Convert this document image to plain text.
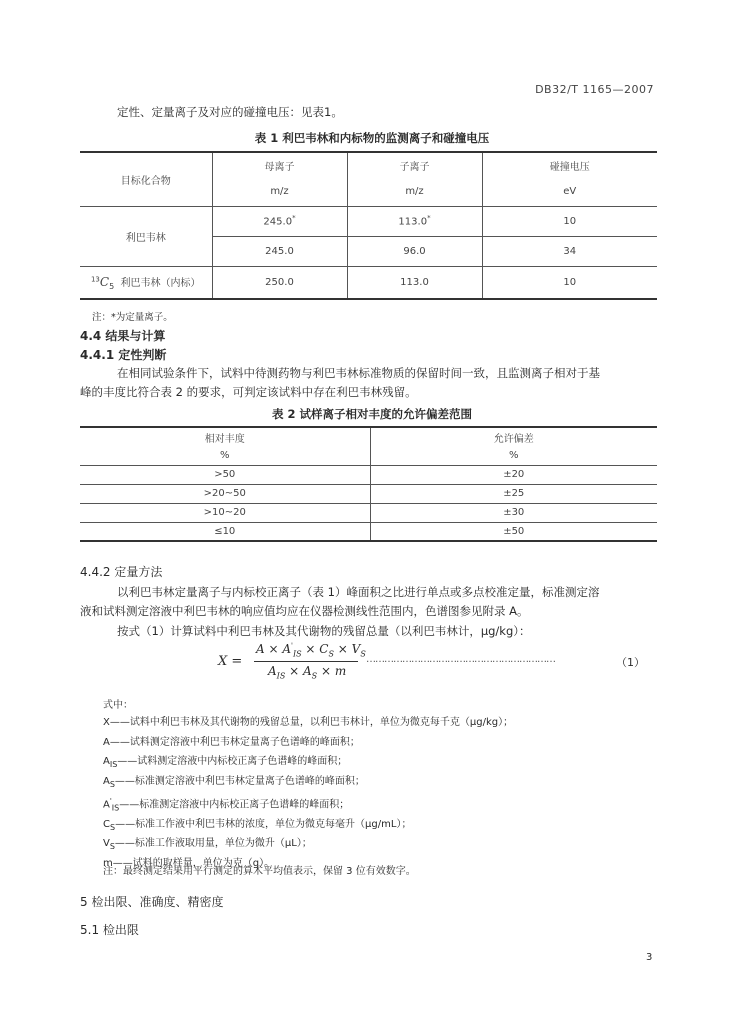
DB32/T 1165—2007
定性、定量离子及对应的碰撞电压：见表1。
表 1 利巴韦林和内标物的监测离子和碰撞电压
目标化合物	母离子	子离子	碰撞电压
	m/z	m/z	eV
利巴韦林	245.0*	113.0*	10
	245.0	96.0	34
$^{13}C_5$ 利巴韦林（内标）	250.0	113.0	10
注：*为定量离子。
4.4 结果与计算
4.4.1 定性判断
在相同试验条件下，试料中待测药物与利巴韦林标准物质的保留时间一致，且监测离子相对于基
峰的丰度比符合表 2 的要求，可判定该试料中存在利巴韦林残留。
表 2 试样离子相对丰度的允许偏差范围
相对丰度	允许偏差
%	%
>50	±20
>20~50	±25
>10~20	±30
≤10	±50
4.4.2 定量方法
以利巴韦林定量离子与内标校正离子（表 1）峰面积之比进行单点或多点校准定量，标准测定溶
液和试料测定溶液中利巴韦林的响应值均应在仪器检测线性范围内，色谱图参见附录 A。
按式（1）计算试料中利巴韦林及其代谢物的残留总量（以利巴韦林计，μg/kg）：
X =
$A \times A'_{IS} \times C_S \times V_S$
$A_{IS} \times A_S \times m$
………………………………………………………	（1）
式中：
X——试料中利巴韦林及其代谢物的残留总量，以利巴韦林计，单位为微克每千克（μg/kg）；
A——试料测定溶液中利巴韦林定量离子色谱峰的峰面积；
$A_{IS}——$试料测定溶液中内标校正离子色谱峰的峰面积；
$A_S——$标准测定溶液中利巴韦林定量离子色谱峰的峰面积；
$A'_{IS}——$标准测定溶液中内标校正离子色谱峰的峰面积；
$C_S——$标准工作液中利巴韦林的浓度，单位为微克每毫升（μg/mL）；
$V_S——$标准工作液取用量，单位为微升（μL）；
m——试料的取样量，单位为克（g）。
注：最终测定结果用平行测定的算术平均值表示，保留 3 位有效数字。
5 检出限、准确度、精密度
5.1 检出限
3
